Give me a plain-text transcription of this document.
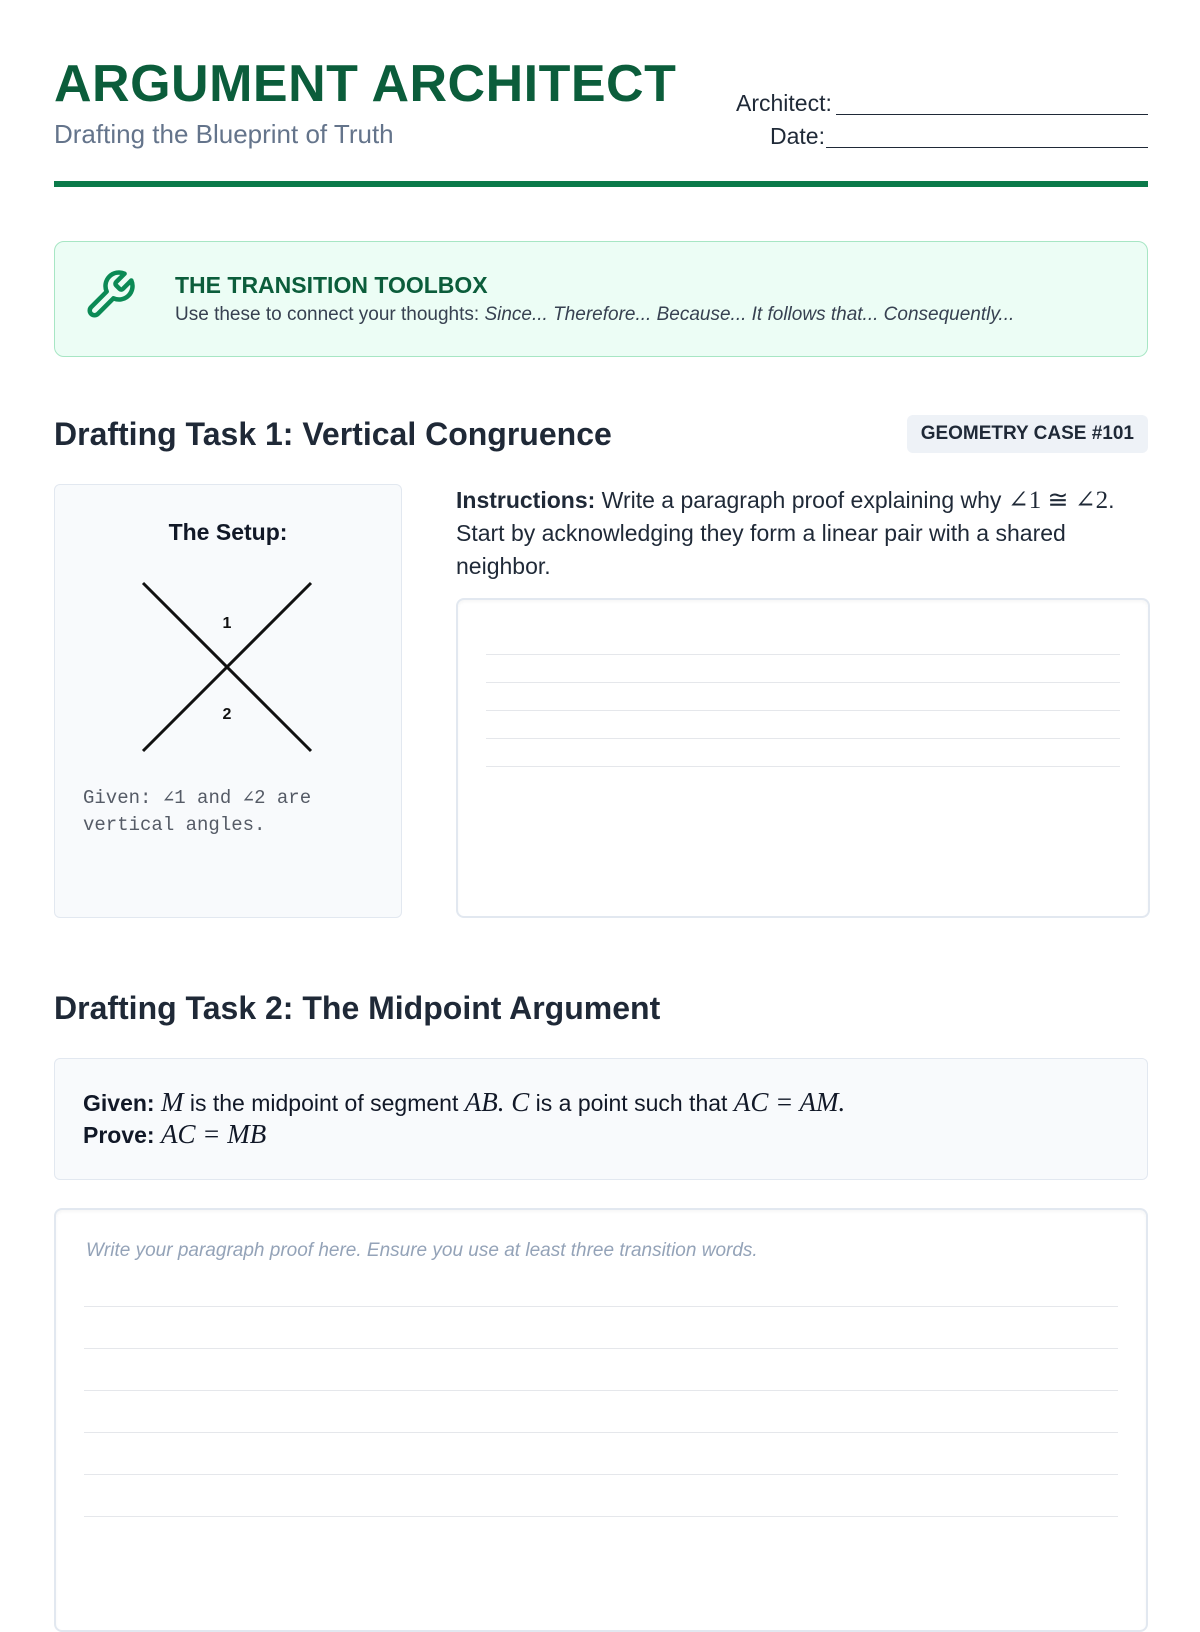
ARGUMENT ARCHITECT
Drafting the Blueprint of Truth
Architect:
Date:
THE TRANSITION TOOLBOX
Use these to connect your thoughts: Since... Therefore... Because... It follows that... Consequently...
Drafting Task 1: Vertical Congruence	GEOMETRY CASE #101
The Setup:
1
2
Given: ∠1 and ∠2 are vertical angles.
Instructions: Write a paragraph proof explaining why ∠1 ≅ ∠2. Start by acknowledging they form a linear pair with a shared neighbor.
Drafting Task 2: The Midpoint Argument
Given: M is the midpoint of segment AB. C is a point such that AC = AM.
Prove: AC = MB
Write your paragraph proof here. Ensure you use at least three transition words.
